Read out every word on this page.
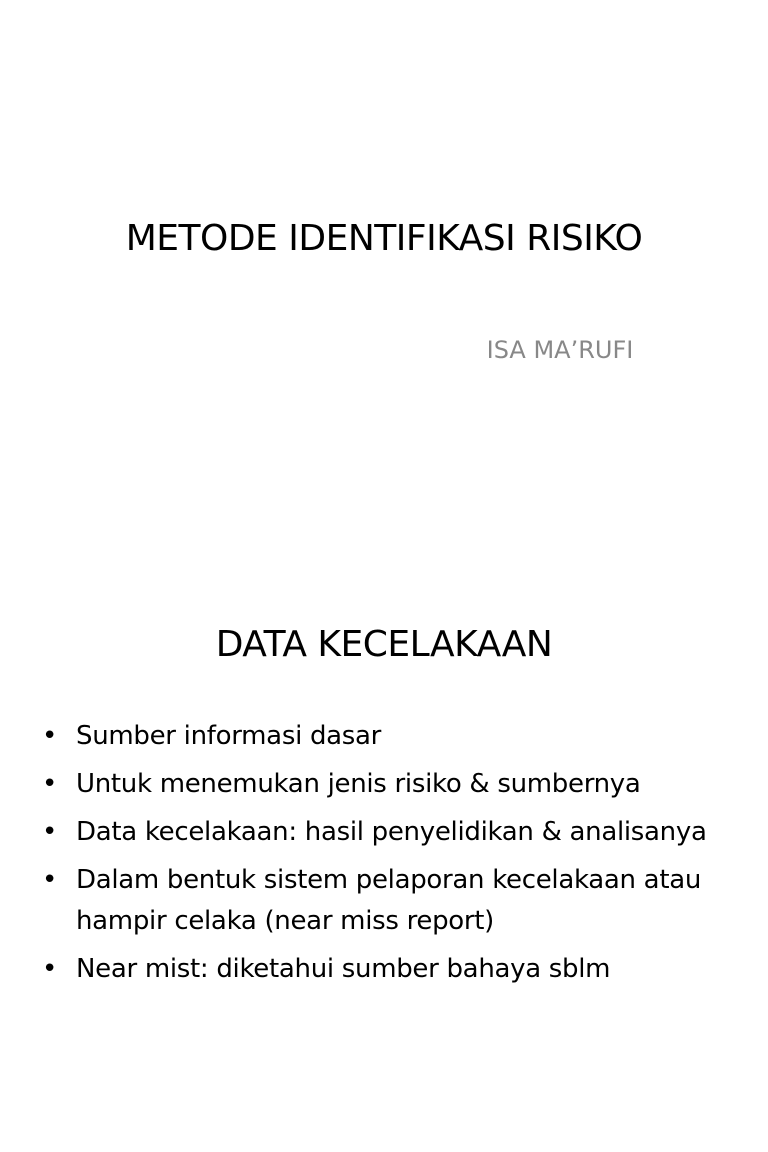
METODE IDENTIFIKASI RISIKO

ISA MA’RUFI

DATA KECELAKAAN
• Sumber informasi dasar
• Untuk menemukan jenis risiko & sumbernya
• Data kecelakaan: hasil penyelidikan & analisanya
• Dalam bentuk sistem pelaporan kecelakaan atau hampir celaka (near miss report)
• Near mist: diketahui sumber bahaya sblm
